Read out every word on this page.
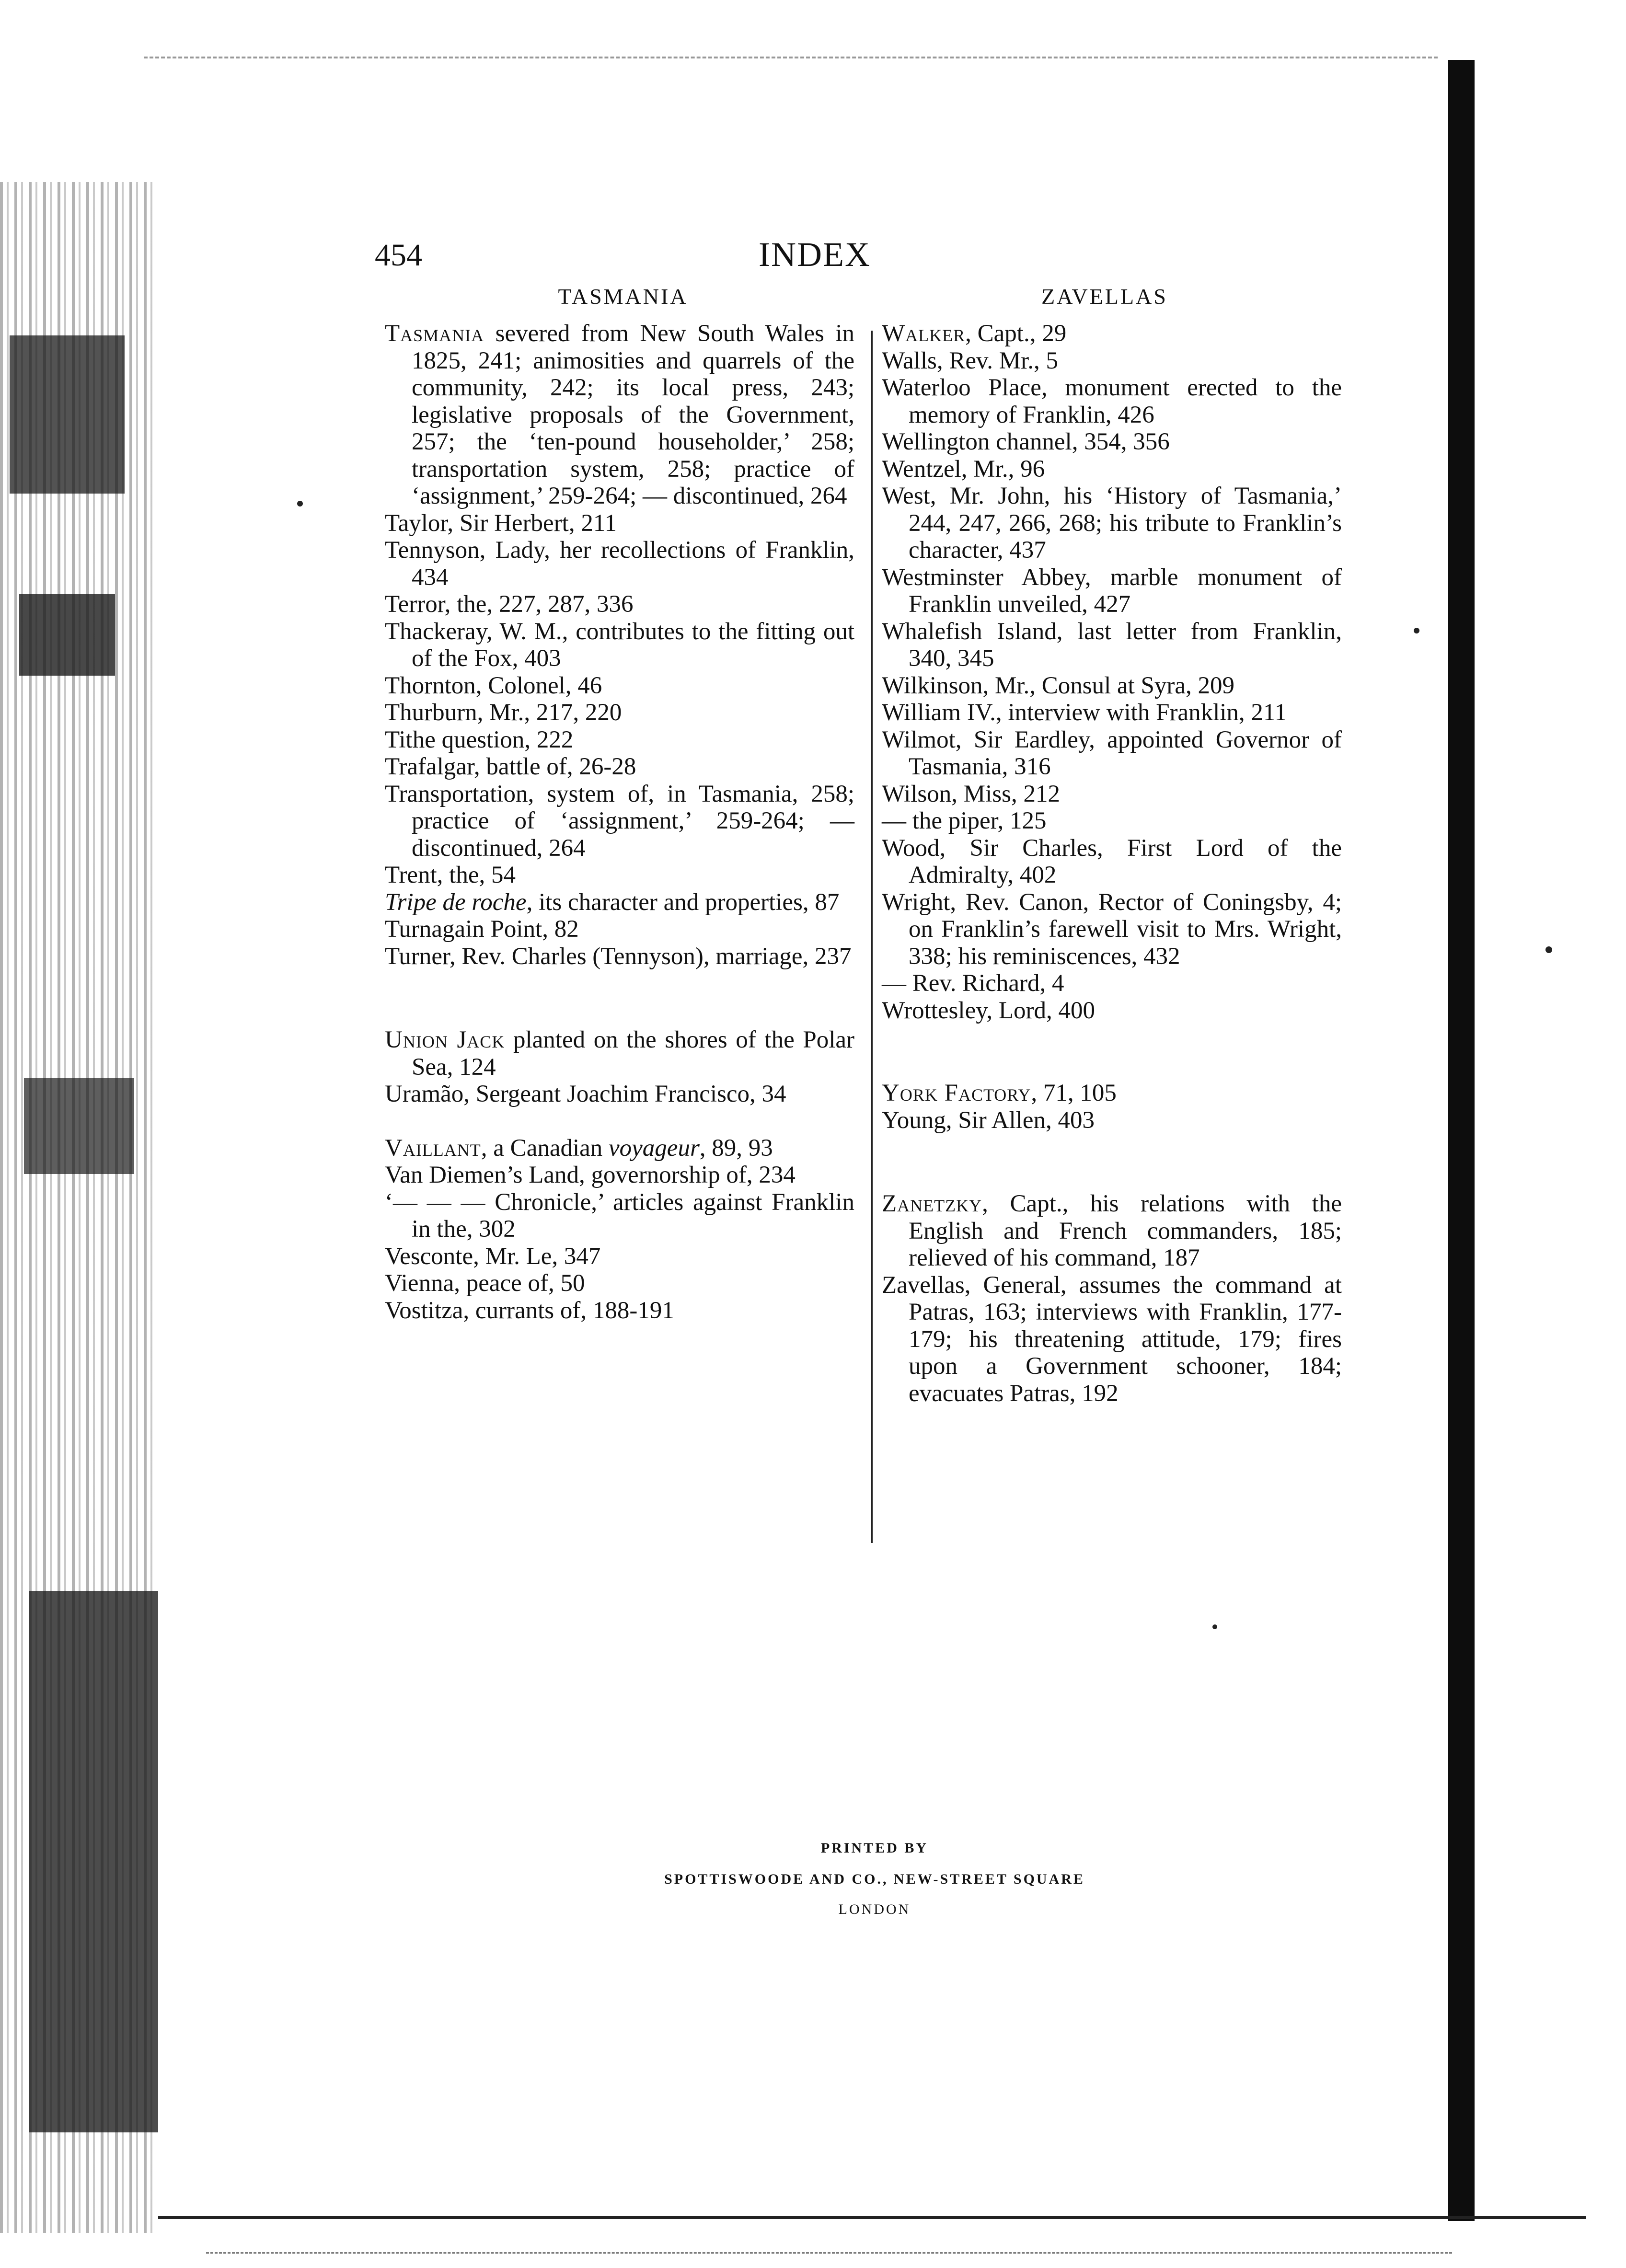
454	INDEX
TASMANIA	ZAVELLAS

Tasmania severed from New South Wales in 1825, 241; animosities and quarrels of the community, 242; its local press, 243; legislative proposals of the Government, 257; the ‘ten-pound householder,’ 258; transportation system, 258; practice of ‘assignment,’ 259-264; — discontinued, 264

Taylor, Sir Herbert, 211

Tennyson, Lady, her recollections of Franklin, 434

Terror, the, 227, 287, 336

Thackeray, W. M., contributes to the fitting out of the Fox, 403

Thornton, Colonel, 46

Thurburn, Mr., 217, 220

Tithe question, 222

Trafalgar, battle of, 26-28

Transportation, system of, in Tasmania, 258; practice of ‘assignment,’ 259-264; — discontinued, 264

Trent, the, 54

Tripe de roche, its character and properties, 87

Turnagain Point, 82

Turner, Rev. Charles (Tennyson), marriage, 237

Union Jack planted on the shores of the Polar Sea, 124

Uramão, Sergeant Joachim Francisco, 34

Vaillant, a Canadian voyageur, 89, 93

Van Diemen’s Land, governorship of, 234

‘— — — Chronicle,’ articles against Franklin in the, 302

Vesconte, Mr. Le, 347

Vienna, peace of, 50

Vostitza, currants of, 188-191

Walker, Capt., 29

Walls, Rev. Mr., 5

Waterloo Place, monument erected to the memory of Franklin, 426

Wellington channel, 354, 356

Wentzel, Mr., 96

West, Mr. John, his ‘History of Tasmania,’ 244, 247, 266, 268; his tribute to Franklin’s character, 437

Westminster Abbey, marble monument of Franklin unveiled, 427

Whalefish Island, last letter from Franklin, 340, 345

Wilkinson, Mr., Consul at Syra, 209

William IV., interview with Franklin, 211

Wilmot, Sir Eardley, appointed Governor of Tasmania, 316

Wilson, Miss, 212

— the piper, 125

Wood, Sir Charles, First Lord of the Admiralty, 402

Wright, Rev. Canon, Rector of Coningsby, 4; on Franklin’s farewell visit to Mrs. Wright, 338; his reminiscences, 432

— Rev. Richard, 4

Wrottesley, Lord, 400

York Factory, 71, 105

Young, Sir Allen, 403

Zanetzky, Capt., his relations with the English and French commanders, 185; relieved of his command, 187

Zavellas, General, assumes the command at Patras, 163; interviews with Franklin, 177-179; his threatening attitude, 179; fires upon a Government schooner, 184; evacuates Patras, 192

PRINTED BY
SPOTTISWOODE AND CO., NEW-STREET SQUARE
LONDON
